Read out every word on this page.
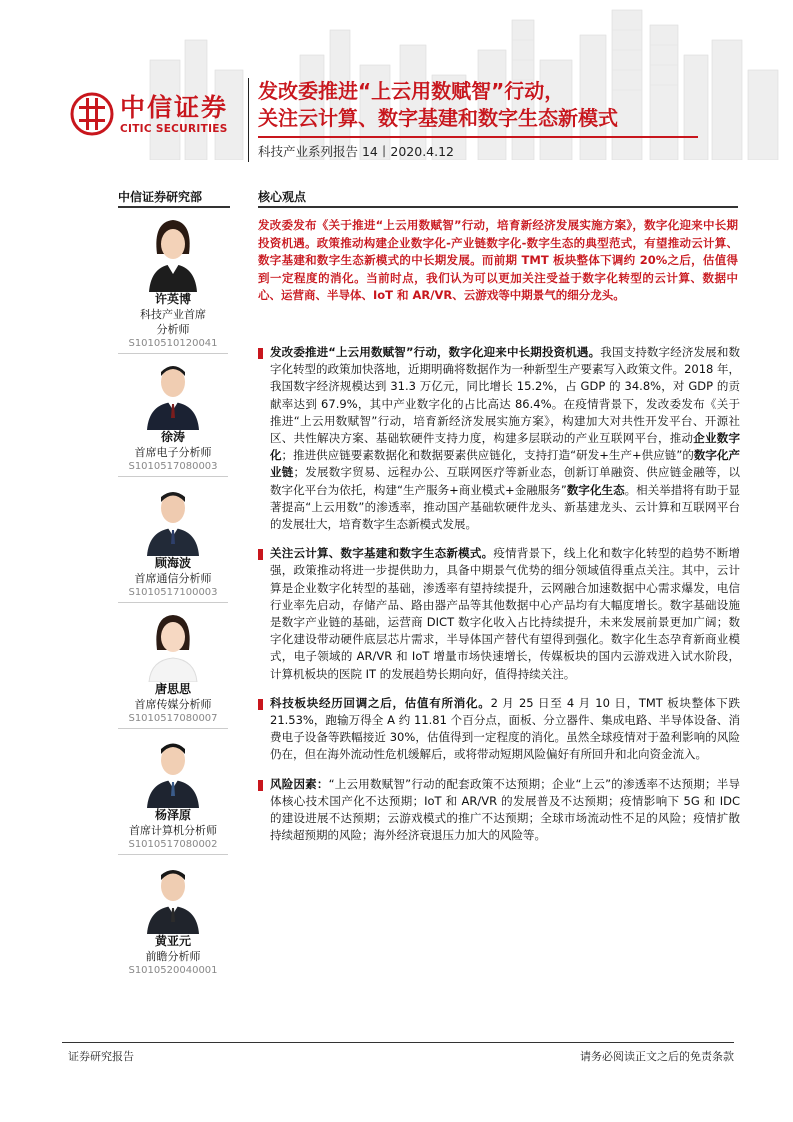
中信证券
CITIC SECURITIES
发改委推进“上云用数赋智”行动，
关注云计算、数字基建和数字生态新模式
科技产业系列报告 14丨2020.4.12
中信证券研究部	核心观点
许英博
科技产业首席
分析师
S1010510120041
徐涛
首席电子分析师
S1010517080003
顾海波
首席通信分析师
S1010517100003
唐思思
首席传媒分析师
S1010517080007
杨泽原
首席计算机分析师
S1010517080002
黄亚元
前瞻分析师
S1010520040001
发改委发布《关于推进“上云用数赋智”行动，培育新经济发展实施方案》，数字化迎来中长期投资机遇。政策推动构建企业数字化-产业链数字化-数字生态的典型范式，有望推动云计算、数字基建和数字生态新模式的中长期发展。而前期 TMT 板块整体下调约 20%之后，估值得到一定程度的消化。当前时点，我们认为可以更加关注受益于数字化转型的云计算、数据中心、运营商、半导体、IoT 和 AR/VR、云游戏等中期景气的细分龙头。
发改委推进“上云用数赋智”行动，数字化迎来中长期投资机遇。我国支持数字经济发展和数字化转型的政策加快落地，近期明确将数据作为一种新型生产要素写入政策文件。2018 年，我国数字经济规模达到 31.3 万亿元，同比增长 15.2%，占 GDP 的 34.8%，对 GDP 的贡献率达到 67.9%，其中产业数字化的占比高达 86.4%。在疫情背景下，发改委发布《关于推进“上云用数赋智”行动，培育新经济发展实施方案》，构建加大对共性开发平台、开源社区、共性解决方案、基础软硬件支持力度，构建多层联动的产业互联网平台，推动企业数字化；推进供应链要素数据化和数据要素供应链化，支持打造“研发+生产+供应链”的数字化产业链；发展数字贸易、远程办公、互联网医疗等新业态，创新订单融资、供应链金融等，以数字化平台为依托，构建“生产服务+商业模式+金融服务”数字化生态。相关举措将有助于显著提高“上云用数”的渗透率，推动国产基础软硬件龙头、新基建龙头、云计算和互联网平台的发展壮大，培育数字生态新模式发展。
关注云计算、数字基建和数字生态新模式。疫情背景下，线上化和数字化转型的趋势不断增强，政策推动将进一步提供助力，具备中期景气优势的细分领域值得重点关注。其中，云计算是企业数字化转型的基础，渗透率有望持续提升，云网融合加速数据中心需求爆发，电信行业率先启动，存储产品、路由器产品等其他数据中心产品均有大幅度增长。数字基础设施是数字产业链的基础，运营商 DICT 数字化收入占比持续提升，未来发展前景更加广阔；数字化建设带动硬件底层芯片需求，半导体国产替代有望得到强化。数字化生态孕育新商业模式，电子领域的 AR/VR 和 IoT 增量市场快速增长，传媒板块的国内云游戏进入试水阶段，计算机板块的医院 IT 的发展趋势长期向好，值得持续关注。
科技板块经历回调之后，估值有所消化。2 月 25 日至 4 月 10 日，TMT 板块整体下跌 21.53%，跑输万得全 A 约 11.81 个百分点，面板、分立器件、集成电路、半导体设备、消费电子设备等跌幅接近 30%，估值得到一定程度的消化。虽然全球疫情对于盈利影响的风险仍在，但在海外流动性危机缓解后，或将带动短期风险偏好有所回升和北向资金流入。
风险因素：“上云用数赋智”行动的配套政策不达预期；企业“上云”的渗透率不达预期；半导体核心技术国产化不达预期；IoT 和 AR/VR 的发展普及不达预期；疫情影响下 5G 和 IDC 的建设进展不达预期；云游戏模式的推广不达预期；全球市场流动性不足的风险；疫情扩散持续超预期的风险；海外经济衰退压力加大的风险等。
证券研究报告	请务必阅读正文之后的免责条款
